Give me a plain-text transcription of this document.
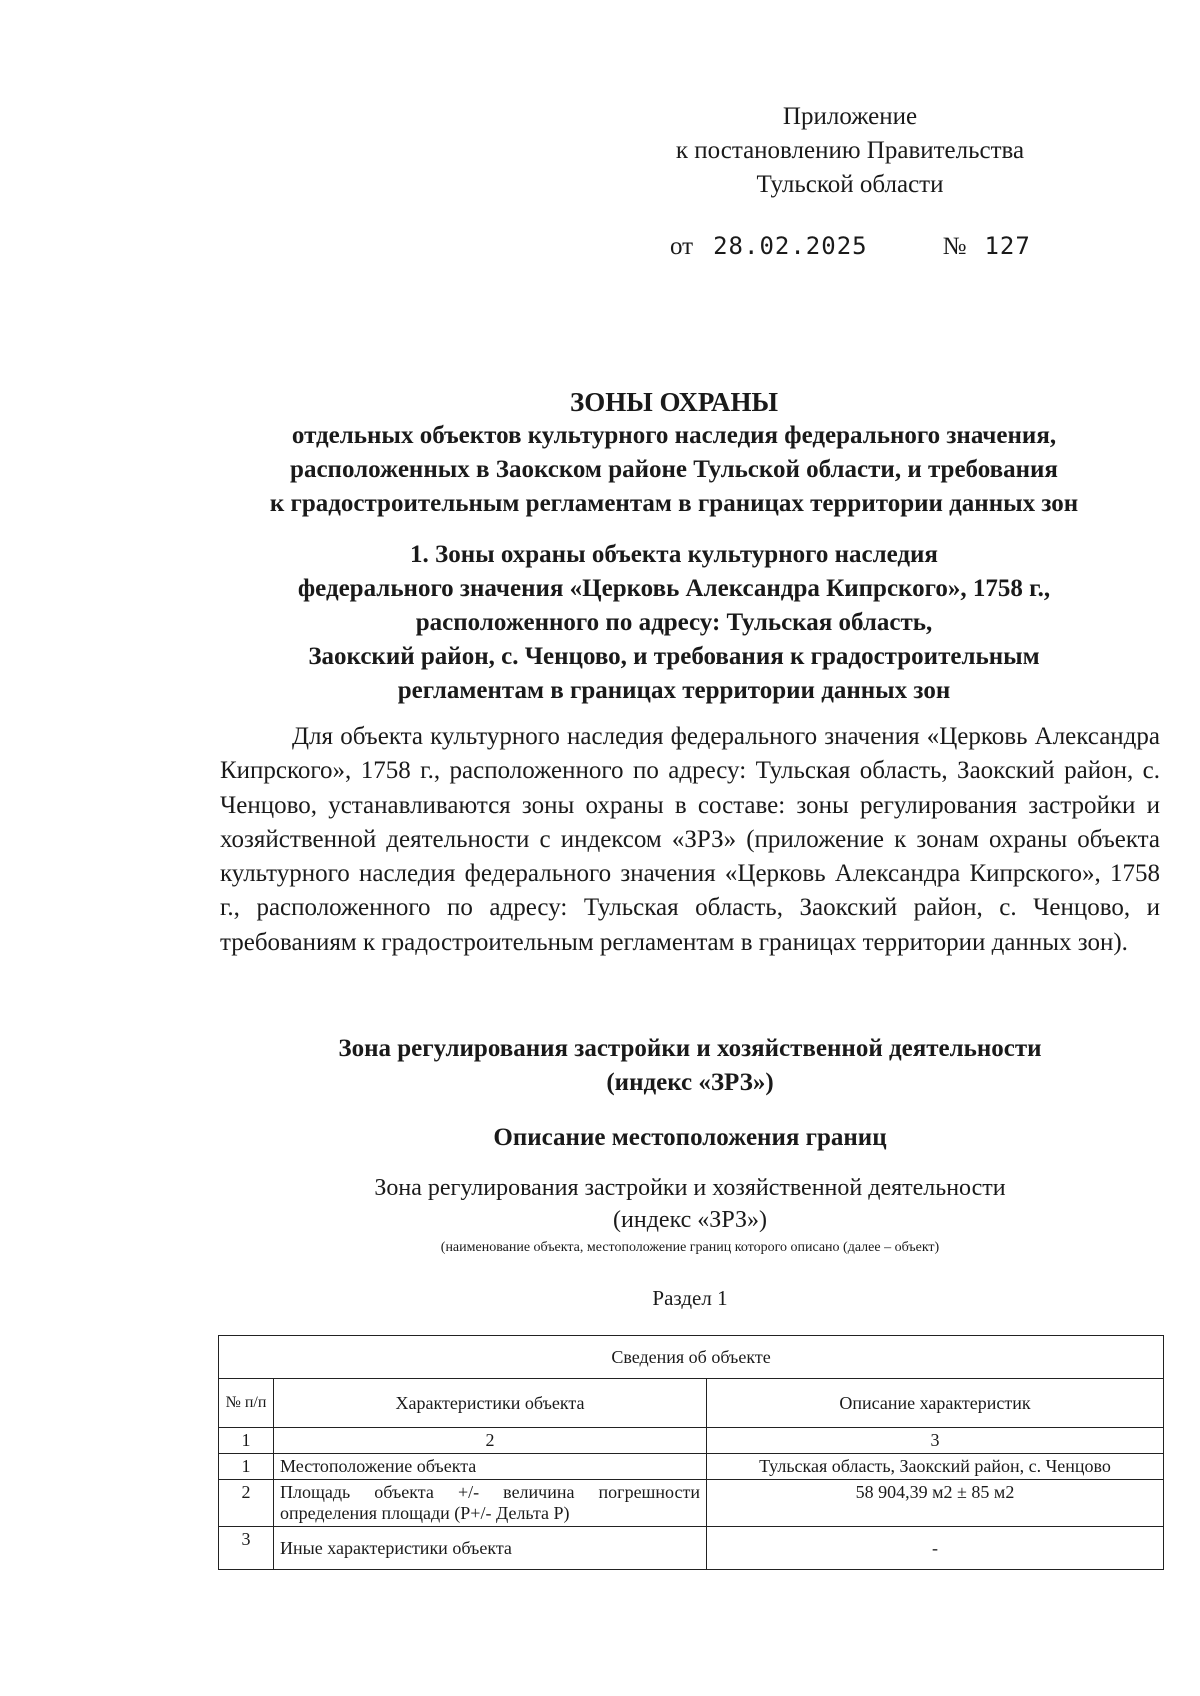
Приложение
к постановлению Правительства
Тульской области
от 28.02.2025	№ 127
ЗОНЫ ОХРАНЫ
отдельных объектов культурного наследия федерального значения,
расположенных в Заокском районе Тульской области, и требования
к градостроительным регламентам в границах территории данных зон
1. Зоны охраны объекта культурного наследия
федерального значения «Церковь Александра Кипрского», 1758 г.,
расположенного по адресу: Тульская область,
Заокский район, с. Ченцово, и требования к градостроительным
регламентам в границах территории данных зон
Для объекта культурного наследия федерального значения «Церковь Александра Кипрского», 1758 г., расположенного по адресу: Тульская область, Заокский район, с. Ченцово, устанавливаются зоны охраны в составе: зоны регулирования застройки и хозяйственной деятельности с индексом «ЗРЗ» (приложение к зонам охраны объекта культурного наследия федерального значения «Церковь Александра Кипрского», 1758 г., расположенного по адресу: Тульская область, Заокский район, с. Ченцово, и требованиям к градостроительным регламентам в границах территории данных зон).
Зона регулирования застройки и хозяйственной деятельности
(индекс «ЗРЗ»)
Описание местоположения границ
Зона регулирования застройки и хозяйственной деятельности
(индекс «ЗРЗ»)
(наименование объекта, местоположение границ которого описано (далее – объект)
Раздел 1
Сведения об объекте		
№ п/п	Характеристики объекта	Описание характеристик
1	2	3
1	Местоположение объекта	Тульская область, Заокский район, с. Ченцово
2	Площадь объекта +/- величина погрешности определения площади (P+/- Дельта P)	58 904,39 м2 ± 85 м2
3	Иные характеристики объекта	-
